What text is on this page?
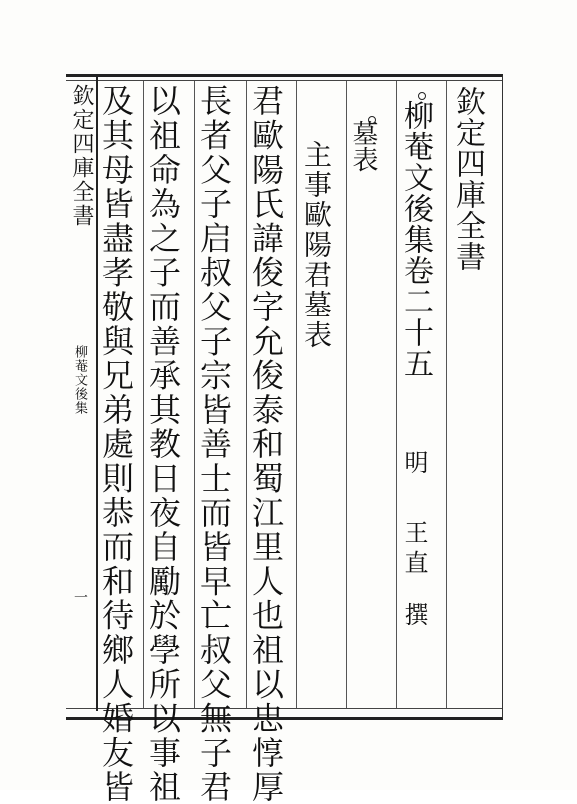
欽定四庫全書
柳菴文後集
一
欽定四庫全書
柳菴文後集卷二十五
明
王直
撰
墓表
主事歐陽君墓表
君歐陽氏諱俊字允俊泰和蜀江里人也祖以忠惇厚
長者父子启叔父子宗皆善士而皆早亡叔父無子君
以祖命為之子而善承其教日夜自勵於學所以事祖
及其母皆盡孝敬與兄弟處則恭而和待鄉人婚友皆
